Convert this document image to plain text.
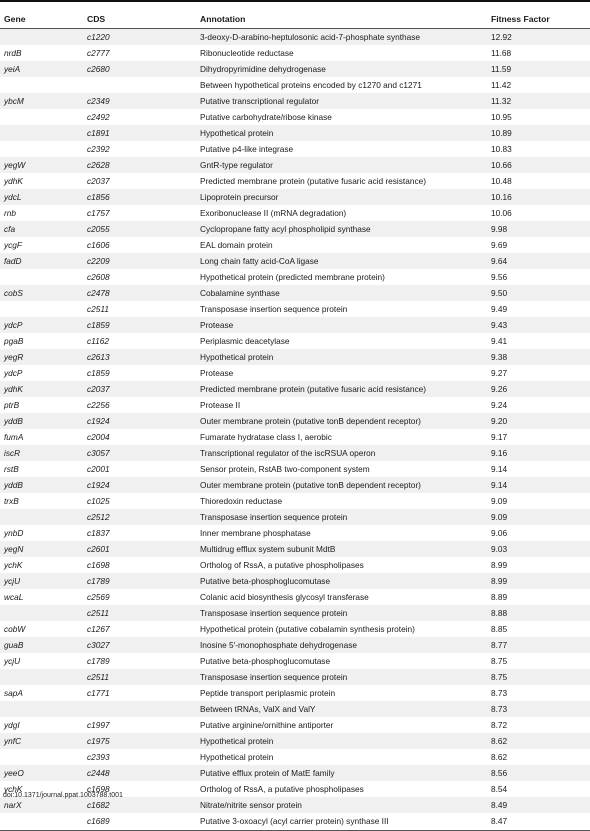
Gene	CDS	Annotation	Fitness Factor
	c1220	3-deoxy-D-arabino-heptulosonic acid-7-phosphate synthase	12.92
nrdB	c2777	Ribonucleotide reductase	11.68
yeiA	c2680	Dihydropyrimidine dehydrogenase	11.59
		Between hypothetical proteins encoded by c1270 and c1271	11.42
ybcM	c2349	Putative transcriptional regulator	11.32
	c2492	Putative carbohydrate/ribose kinase	10.95
	c1891	Hypothetical protein	10.89
	c2392	Putative p4-like integrase	10.83
yegW	c2628	GntR-type regulator	10.66
ydhK	c2037	Predicted membrane protein (putative fusaric acid resistance)	10.48
ydcL	c1856	Lipoprotein precursor	10.16
rnb	c1757	Exoribonuclease II (mRNA degradation)	10.06
cfa	c2055	Cyclopropane fatty acyl phospholipid synthase	9.98
ycgF	c1606	EAL domain protein	9.69
fadD	c2209	Long chain fatty acid-CoA ligase	9.64
	c2608	Hypothetical protein (predicted membrane protein)	9.56
cobS	c2478	Cobalamine synthase	9.50
	c2511	Transposase insertion sequence protein	9.49
ydcP	c1859	Protease	9.43
pgaB	c1162	Periplasmic deacetylase	9.41
yegR	c2613	Hypothetical protein	9.38
ydcP	c1859	Protease	9.27
ydhK	c2037	Predicted membrane protein (putative fusaric acid resistance)	9.26
ptrB	c2256	Protease II	9.24
yddB	c1924	Outer membrane protein (putative tonB dependent receptor)	9.20
fumA	c2004	Fumarate hydratase class I, aerobic	9.17
iscR	c3057	Transcriptional regulator of the iscRSUA operon	9.16
rstB	c2001	Sensor protein, RstAB two-component system	9.14
yddB	c1924	Outer membrane protein (putative tonB dependent receptor)	9.14
trxB	c1025	Thioredoxin reductase	9.09
	c2512	Transposase insertion sequence protein	9.09
ynbD	c1837	Inner membrane phosphatase	9.06
yegN	c2601	Multidrug efflux system subunit MdtB	9.03
ychK	c1698	Ortholog of RssA, a putative phospholipases	8.99
ycjU	c1789	Putative beta-phosphoglucomutase	8.99
wcaL	c2569	Colanic acid biosynthesis glycosyl transferase	8.89
	c2511	Transposase insertion sequence protein	8.88
cobW	c1267	Hypothetical protein (putative cobalamin synthesis protein)	8.85
guaB	c3027	Inosine 5′-monophosphate dehydrogenase	8.77
ycjU	c1789	Putative beta-phosphoglucomutase	8.75
	c2511	Transposase insertion sequence protein	8.75
sapA	c1771	Peptide transport periplasmic protein	8.73
		Between tRNAs, ValX and ValY	8.73
ydgI	c1997	Putative arginine/ornithine antiporter	8.72
ynfC	c1975	Hypothetical protein	8.62
	c2393	Hypothetical protein	8.62
yeeO	c2448	Putative efflux protein of MatE family	8.56
ychK	c1698	Ortholog of RssA, a putative phospholipases	8.54
narX	c1682	Nitrate/nitrite sensor protein	8.49
	c1689	Putative 3-oxoacyl (acyl carrier protein) synthase III	8.47
doi:10.1371/journal.ppat.1003788.t001
